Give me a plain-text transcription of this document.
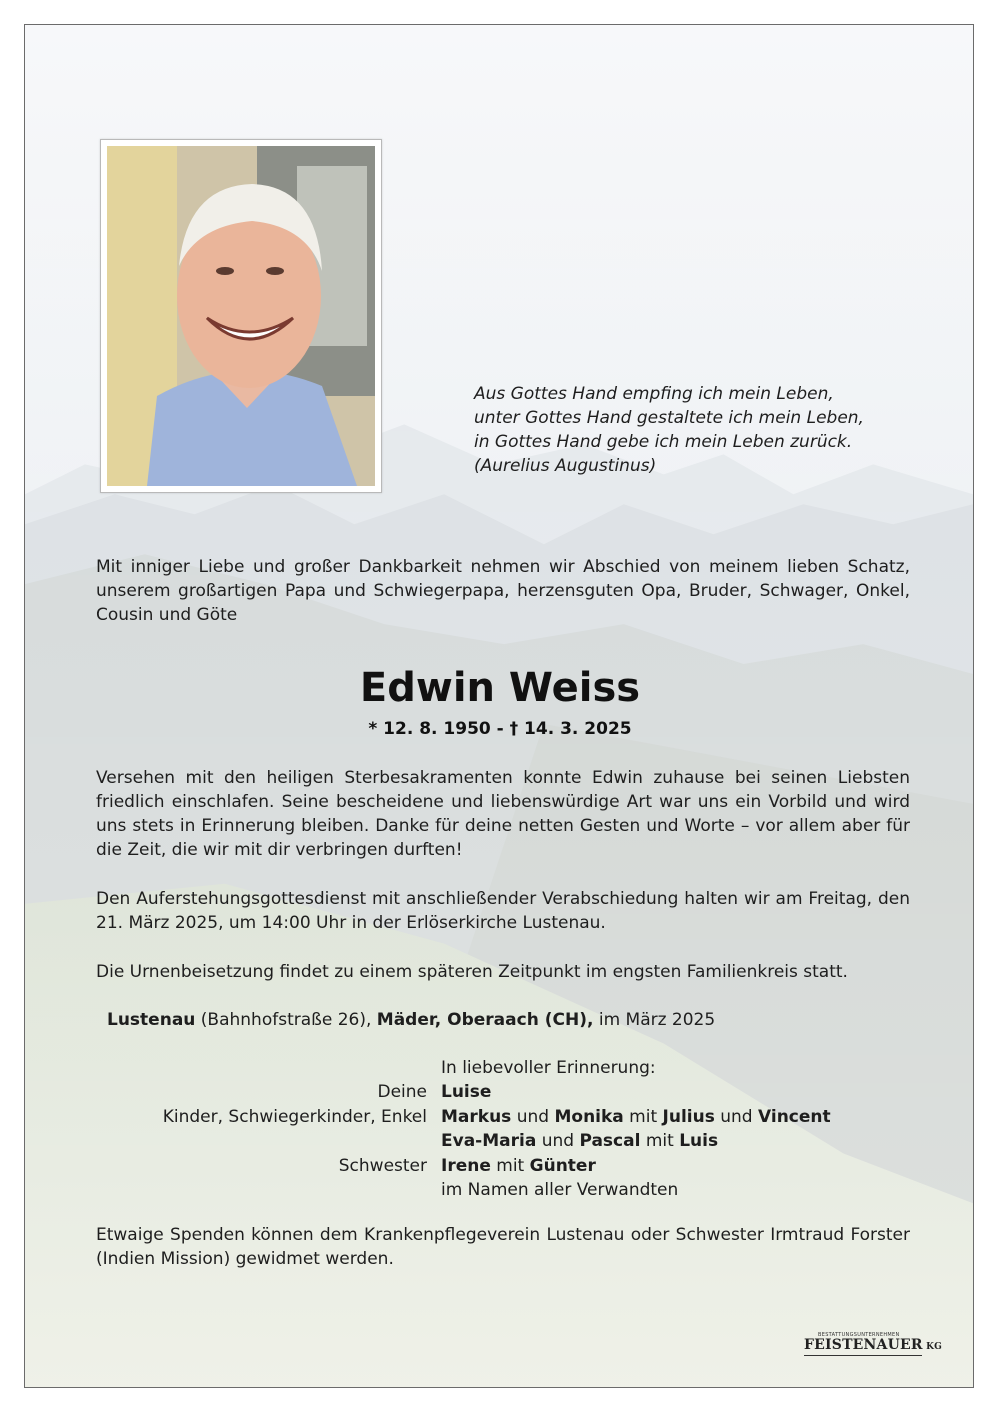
Aus Gottes Hand empfing ich mein Leben,
unter Gottes Hand gestaltete ich mein Leben,
in Gottes Hand gebe ich mein Leben zurück.
(Aurelius Augustinus)
Mit inniger Liebe und großer Dankbarkeit nehmen wir Abschied von meinem lieben Schatz, unserem großartigen Papa und Schwiegerpapa, herzensguten Opa, Bruder, Schwager, Onkel, Cousin und Göte
Edwin Weiss
* 12. 8. 1950 - † 14. 3. 2025
Versehen mit den heiligen Sterbesakramenten konnte Edwin zuhause bei seinen Liebsten friedlich einschlafen. Seine bescheidene und liebenswürdige Art war uns ein Vorbild und wird uns stets in Erinnerung bleiben. Danke für deine netten Gesten und Worte – vor allem aber für die Zeit, die wir mit dir verbringen durften!
Den Auferstehungsgottesdienst mit anschließender Verabschiedung halten wir am Freitag, den 21. März 2025, um 14:00 Uhr in der Erlöserkirche Lustenau.
Die Urnenbeisetzung findet zu einem späteren Zeitpunkt im engsten Familienkreis statt.
Lustenau (Bahnhofstraße 26), Mäder, Oberaach (CH), im März 2025
In liebevoller Erinnerung:
Deine Luise
Kinder, Schwiegerkinder, Enkel Markus und Monika mit Julius und Vincent
Eva-Maria und Pascal mit Luis
Schwester Irene mit Günter
im Namen aller Verwandten
Etwaige Spenden können dem Krankenpflegeverein Lustenau oder Schwester Irmtraud Forster (Indien Mission) gewidmet werden.
BESTATTUNGSUNTERNEHMEN
FEISTENAUER KG
